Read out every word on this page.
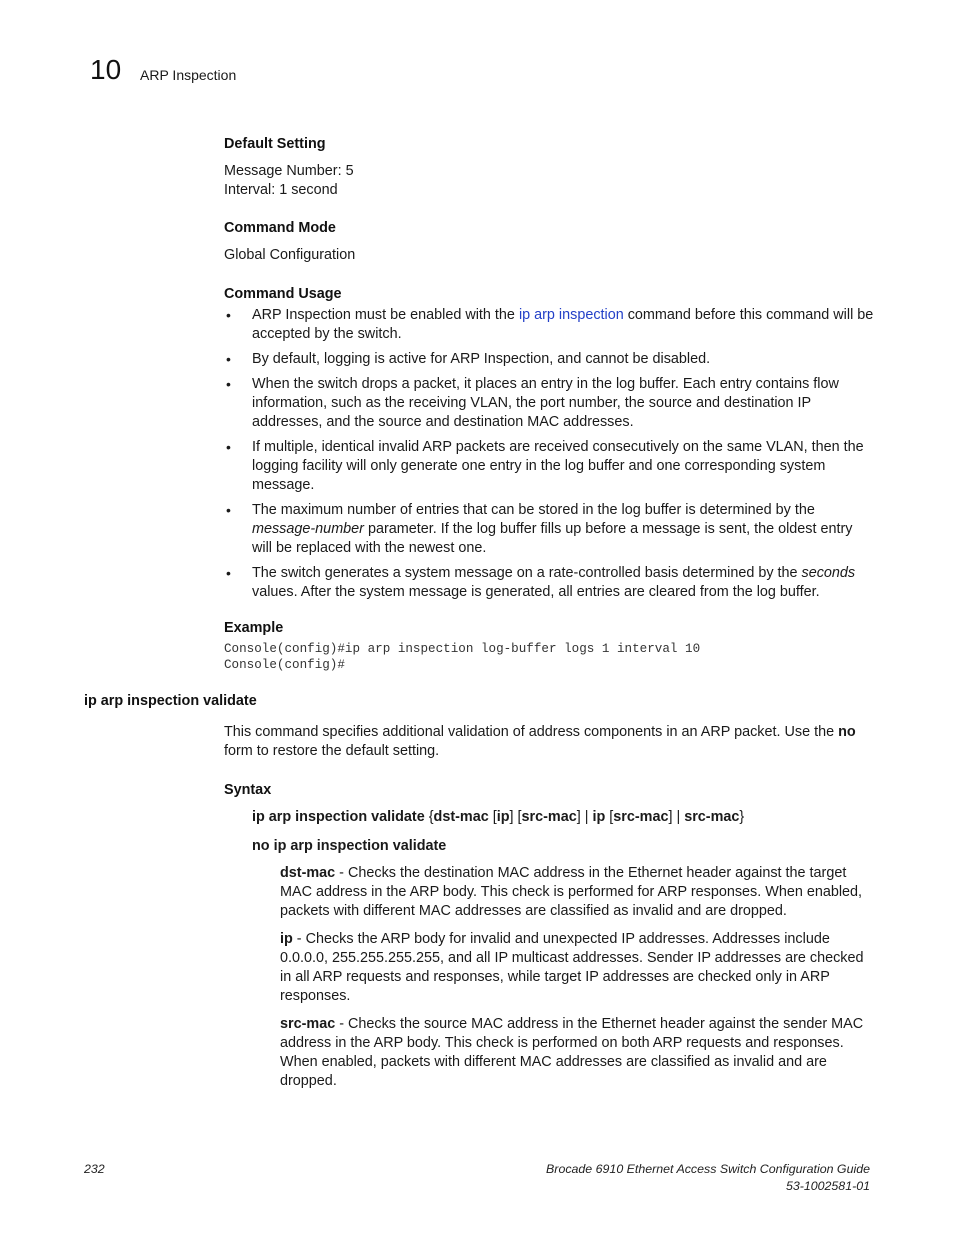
10 ARP Inspection
Default Setting
Message Number: 5
Interval: 1 second
Command Mode
Global Configuration
Command Usage
• ARP Inspection must be enabled with the ip arp inspection command before this command will be accepted by the switch.
• By default, logging is active for ARP Inspection, and cannot be disabled.
• When the switch drops a packet, it places an entry in the log buffer. Each entry contains flow information, such as the receiving VLAN, the port number, the source and destination IP addresses, and the source and destination MAC addresses.
• If multiple, identical invalid ARP packets are received consecutively on the same VLAN, then the logging facility will only generate one entry in the log buffer and one corresponding system message.
• The maximum number of entries that can be stored in the log buffer is determined by the message-number parameter. If the log buffer fills up before a message is sent, the oldest entry will be replaced with the newest one.
• The switch generates a system message on a rate-controlled basis determined by the seconds values. After the system message is generated, all entries are cleared from the log buffer.
Example
Console(config)#ip arp inspection log-buffer logs 1 interval 10
Console(config)#
ip arp inspection validate
This command specifies additional validation of address components in an ARP packet. Use the no form to restore the default setting.
Syntax
ip arp inspection validate {dst-mac [ip] [src-mac] | ip [src-mac] | src-mac}
no ip arp inspection validate
dst-mac - Checks the destination MAC address in the Ethernet header against the target MAC address in the ARP body. This check is performed for ARP responses. When enabled, packets with different MAC addresses are classified as invalid and are dropped.
ip - Checks the ARP body for invalid and unexpected IP addresses. Addresses include 0.0.0.0, 255.255.255.255, and all IP multicast addresses. Sender IP addresses are checked in all ARP requests and responses, while target IP addresses are checked only in ARP responses.
src-mac - Checks the source MAC address in the Ethernet header against the sender MAC address in the ARP body. This check is performed on both ARP requests and responses. When enabled, packets with different MAC addresses are classified as invalid and are dropped.
232	Brocade 6910 Ethernet Access Switch Configuration Guide
53-1002581-01
